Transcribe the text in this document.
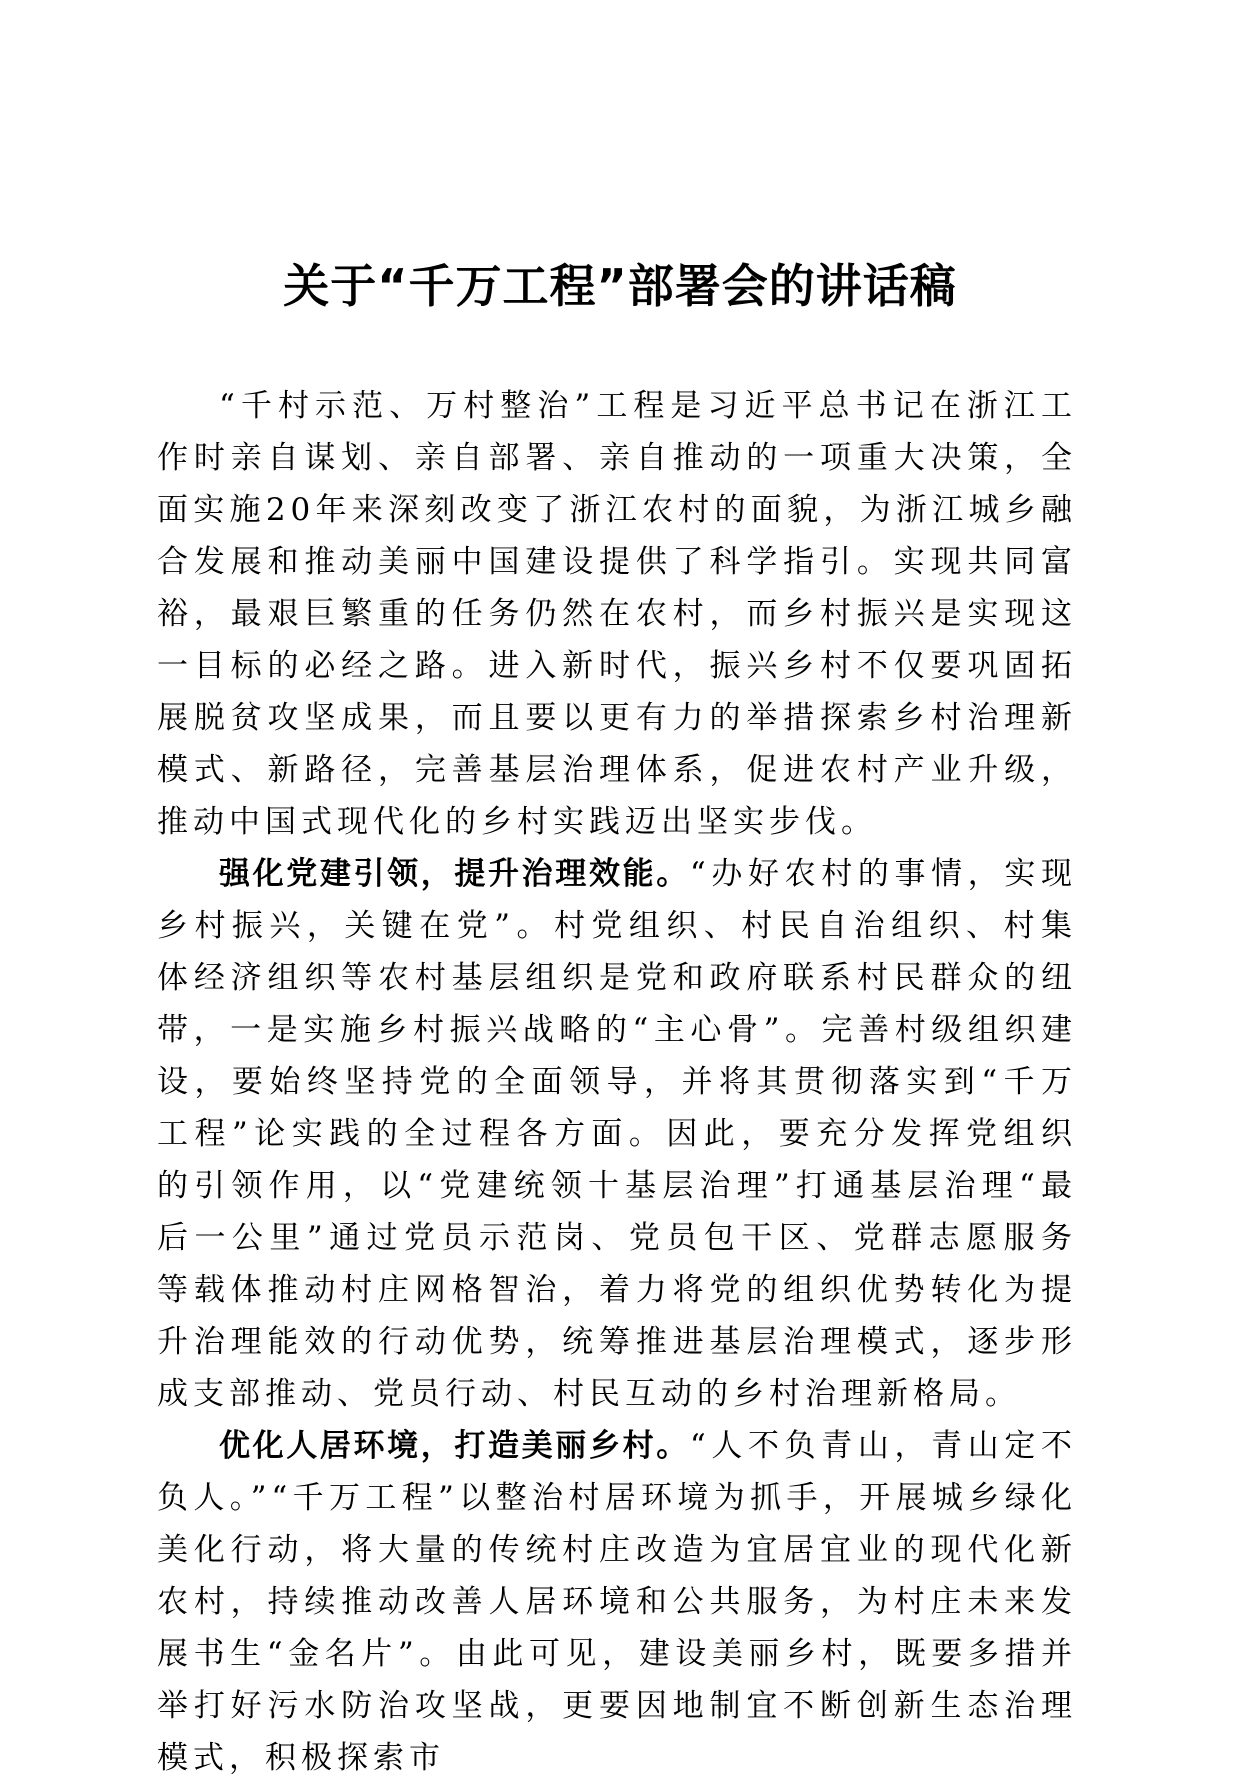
关于“千万工程”部署会的讲话稿

“千村示范、万村整治”工程是习近平总书记在浙江工作时亲自谋划、亲自部署、亲自推动的一项重大决策，全面实施20年来深刻改变了浙江农村的面貌，为浙江城乡融合发展和推动美丽中国建设提供了科学指引。实现共同富裕，最艰巨繁重的任务仍然在农村，而乡村振兴是实现这一目标的必经之路。进入新时代，振兴乡村不仅要巩固拓展脱贫攻坚成果，而且要以更有力的举措探索乡村治理新模式、新路径，完善基层治理体系，促进农村产业升级，推动中国式现代化的乡村实践迈出坚实步伐。

强化党建引领，提升治理效能。“办好农村的事情，实现乡村振兴，关键在党”。村党组织、村民自治组织、村集体经济组织等农村基层组织是党和政府联系村民群众的纽带，一是实施乡村振兴战略的“主心骨”。完善村级组织建设，要始终坚持党的全面领导，并将其贯彻落实到“千万工程”论实践的全过程各方面。因此，要充分发挥党组织的引领作用，以“党建统领十基层治理”打通基层治理“最后一公里”通过党员示范岗、党员包干区、党群志愿服务等载体推动村庄网格智治，着力将党的组织优势转化为提升治理能效的行动优势，统筹推进基层治理模式，逐步形成支部推动、党员行动、村民互动的乡村治理新格局。

优化人居环境，打造美丽乡村。“人不负青山，青山定不负人。”“千万工程”以整治村居环境为抓手，开展城乡绿化美化行动，将大量的传统村庄改造为宜居宜业的现代化新农村，持续推动改善人居环境和公共服务，为村庄未来发展书生“金名片”。由此可见，建设美丽乡村，既要多措并举打好污水防治攻坚战，更要因地制宜不断创新生态治理模式，积极探索市
